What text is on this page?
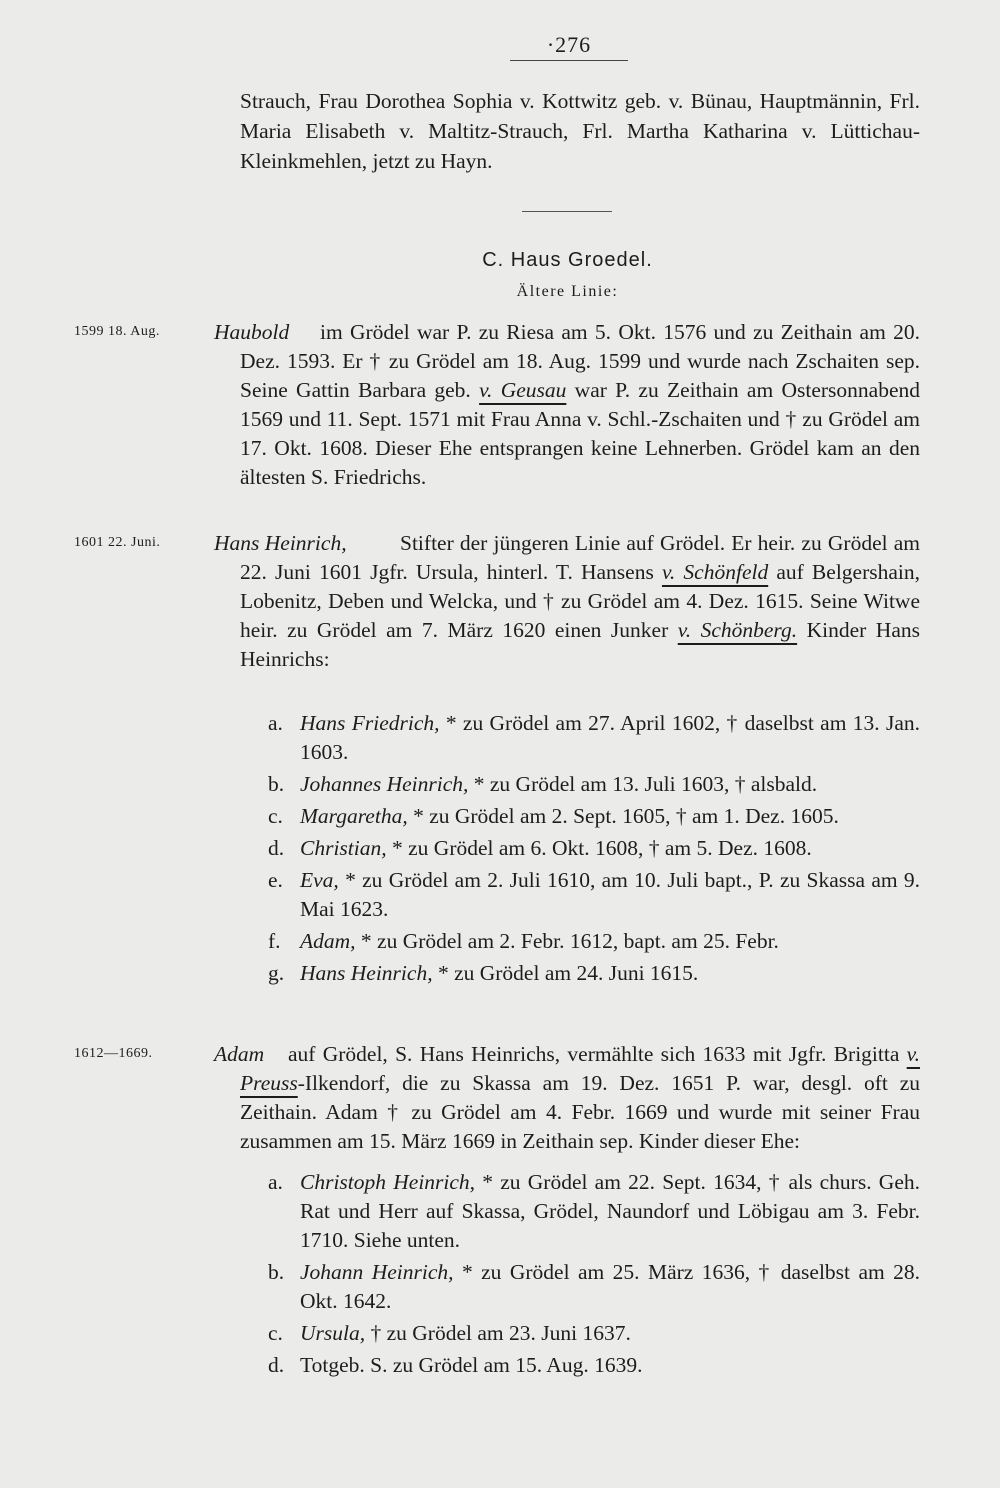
·276
Strauch, Frau Dorothea Sophia v. Kottwitz geb. v. Bünau, Hauptmännin, Frl. Maria Elisabeth v. Maltitz-Strauch, Frl. Martha Katharina v. Lüttichau-Kleinkmehlen, jetzt zu Hayn.
C. Haus Groedel.
Ältere Linie:
1599 18. Aug.	Haubold	im Grödel war P. zu Riesa am 5. Okt. 1576 und zu Zeithain am 20. Dez. 1593. Er † zu Grödel am 18. Aug. 1599 und wurde nach Zschaiten sep. Seine Gattin Barbara geb. v. Geusau war P. zu Zeithain am Ostersonnabend 1569 und 11. Sept. 1571 mit Frau Anna v. Schl.-Zschaiten und † zu Grödel am 17. Okt. 1608. Dieser Ehe entsprangen keine Lehnerben. Grödel kam an den ältesten S. Friedrichs.
1601 22. Juni. Hans Heinrich,	Stifter der jüngeren Linie auf Grödel. Er heir. zu Grödel am 22. Juni 1601 Jgfr. Ursula, hinterl. T. Hansens v. Schönfeld auf Belgershain, Lobenitz, Deben und Welcka, und † zu Grödel am 4. Dez. 1615. Seine Witwe heir. zu Grödel am 7. März 1620 einen Junker v. Schönberg. Kinder Hans Heinrichs:
a. Hans Friedrich, * zu Grödel am 27. April 1602, † daselbst am 13. Jan. 1603.
b. Johannes Heinrich, * zu Grödel am 13. Juli 1603, † alsbald.
c. Margaretha, * zu Grödel am 2. Sept. 1605, † am 1. Dez. 1605.
d. Christian, * zu Grödel am 6. Okt. 1608, † am 5. Dez. 1608.
e. Eva, * zu Grödel am 2. Juli 1610, am 10. Juli bapt., P. zu Skassa am 9. Mai 1623.
f. Adam, * zu Grödel am 2. Febr. 1612, bapt. am 25. Febr.
g. Hans Heinrich, * zu Grödel am 24. Juni 1615.
1612—1669.	Adam	auf Grödel, S. Hans Heinrichs, vermählte sich 1633 mit Jgfr. Brigitta v. Preuss-Ilkendorf, die zu Skassa am 19. Dez. 1651 P. war, desgl. oft zu Zeithain. Adam † zu Grödel am 4. Febr. 1669 und wurde mit seiner Frau zusammen am 15. März 1669 in Zeithain sep. Kinder dieser Ehe:
a. Christoph Heinrich, * zu Grödel am 22. Sept. 1634, † als churs. Geh. Rat und Herr auf Skassa, Grödel, Naundorf und Löbigau am 3. Febr. 1710. Siehe unten.
b. Johann Heinrich, * zu Grödel am 25. März 1636, † daselbst am 28. Okt. 1642.
c. Ursula, † zu Grödel am 23. Juni 1637.
d. Totgeb. S. zu Grödel am 15. Aug. 1639.
